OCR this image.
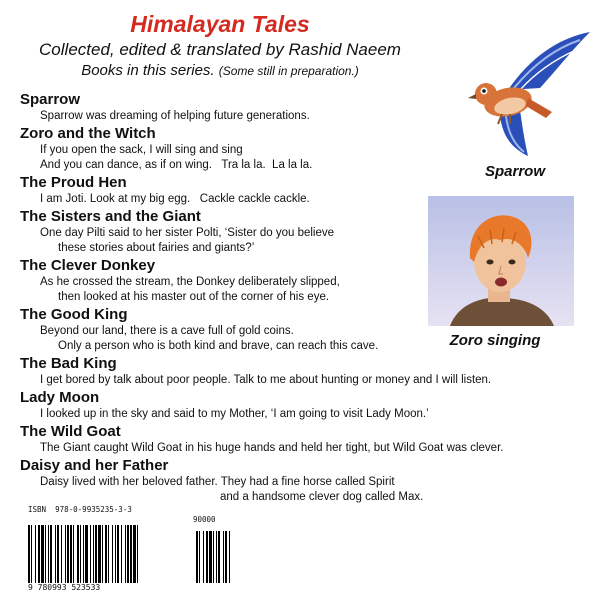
Himalayan Tales
Collected, edited & translated by Rashid Naeem
Books in this series. (Some still in preparation.)
Sparrow
Sparrow was dreaming of helping future generations.
Zoro and the Witch
If you open the sack, I will sing and sing
And you can dance, as if on wing.   Tra la la.  La la la.
The Proud Hen
I am Joti. Look at my big egg.   Cackle cackle cackle.
The Sisters and the Giant
One day Pilti said to her sister Polti, ‘Sister do you believe
these stories about fairies and giants?’
The Clever Donkey
As he crossed the stream, the Donkey deliberately slipped,
then looked at his master out of the corner of his eye.
The Good King
Beyond our land, there is a cave full of gold coins.
Only a person who is both kind and brave, can reach this cave.
The Bad King
I get bored by talk about poor people. Talk to me about hunting or money and I will listen.
Lady Moon
I looked up in the sky and said to my Mother, ‘I am going to visit Lady Moon.’
The Wild Goat
The Giant caught Wild Goat in his huge hands and held her tight, but Wild Goat was clever.
Daisy and her Father
Daisy lived with her beloved father. They had a fine horse called Spirit
and a handsome clever dog called Max.
Sparrow
Zoro singing
ISBN  978-0-9935235-3-3
90000
9 780993 523533
